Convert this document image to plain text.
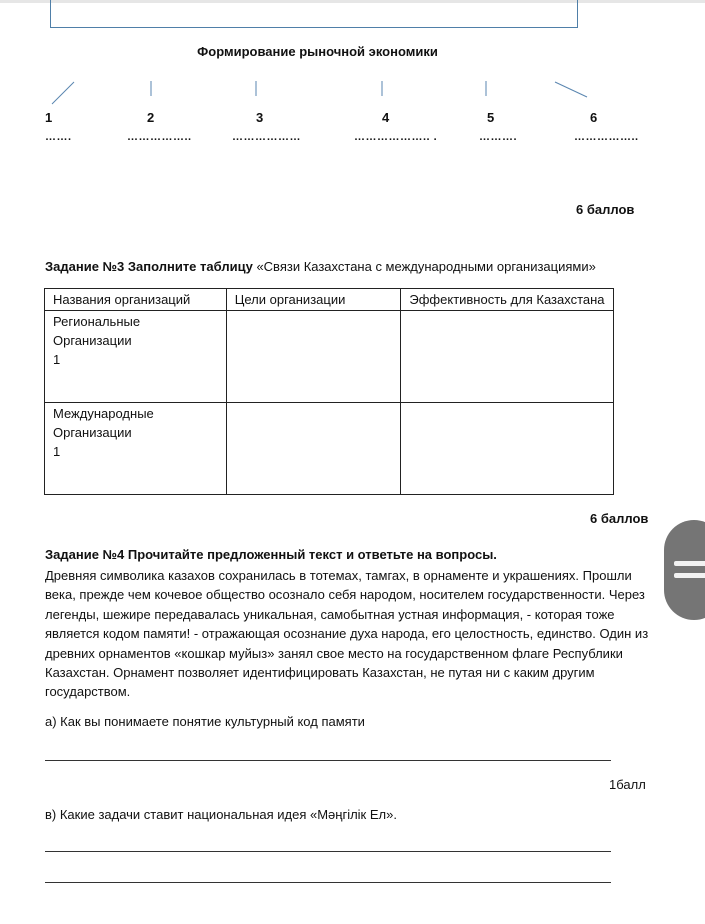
Формирование рыночной экономики
1	2	3	4	5	6
…….	……………..	………………	……………….. .	……….	……………..
6 баллов
Задание №3 Заполните таблицу «Связи Казахстана с международными организациями»
Названия организаций	Цели организации	Эффективность для Казахстана

Региональные
Организации
1		

Международные
Организации
1		

6 баллов
Задание №4 Прочитайте предложенный текст и ответьте на вопросы.
Древняя символика казахов сохранилась в тотемах, тамгах, в орнаменте и украшениях. Прошли
века, прежде чем кочевое общество осознало себя народом, носителем государственности. Через
легенды, шежире передавалась уникальная, самобытная устная информация, - которая тоже
является кодом памяти! - отражающая осознание духа народа, его целостность, единство. Один из
древних орнаментов «кошкар муйыз» занял свое место на государственном флаге Республики
Казахстан. Орнамент позволяет идентифицировать Казахстан, не путая ни с каким другим
государством.
а) Как вы понимаете понятие культурный код памяти
1балл
в) Какие задачи ставит национальная идея «Мәңгілік Ел».
